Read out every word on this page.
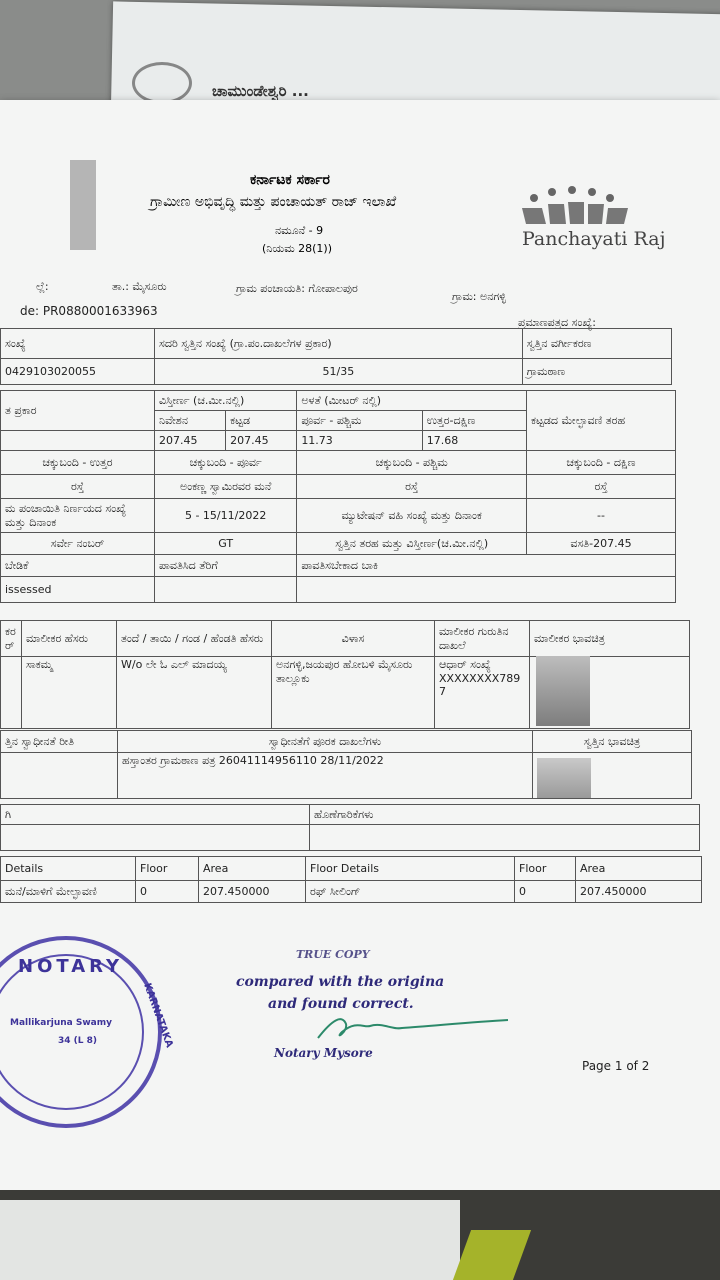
ಚಾಮುಂಡೇಶ್ವರಿ ...
ಕರ್ನಾಟಕ ಸರ್ಕಾರ
ಗ್ರಾಮೀಣ ಅಭಿವೃದ್ಧಿ ಮತ್ತು ಪಂಚಾಯತ್ ರಾಜ್ ಇಲಾಖೆ
ನಮೂನೆ - 9
(ನಿಯಮ 28(1))	Panchayati Raj
ಲ್ಲೆ:	ತಾ.: ಮೈಸೂರು	ಗ್ರಾಮ ಪಂಚಾಯತಿ: ಗೋಪಾಲಪುರ
ಗ್ರಾಮ: ಅನಗಳ್ಳಿ
de: PR0880001633963
ಪ್ರಮಾಣಪತ್ರದ ಸಂಖ್ಯೆ:
ಸಂಖ್ಯೆ	ಸದರಿ ಸ್ವತ್ತಿನ ಸಂಖ್ಯೆ (ಗ್ರಾ.ಪಂ.ದಾಖಲೆಗಳ ಪ್ರಕಾರ)	ಸ್ವತ್ತಿನ ವರ್ಗೀಕರಣ
0429103020055	51/35	ಗ್ರಾಮಠಾಣ
ತ ಪ್ರಕಾರ	ವಿಸ್ತೀರ್ಣ (ಚ.ಮೀ.ನಲ್ಲಿ)		ಅಳತೆ (ಮೀಟರ್ ನಲ್ಲಿ)		ಕಟ್ಟಡದ ಮೇಲ್ಛಾವಣಿ ತರಹ
	ನಿವೇಶನ	ಕಟ್ಟಡ	ಪೂರ್ವ - ಪಶ್ಚಿಮ	ಉತ್ತರ-ದಕ್ಷಿಣ	
	207.45	207.45	11.73	17.68	
ಚಕ್ಕುಬಂದಿ - ಉತ್ತರ	ಚಕ್ಕುಬಂದಿ - ಪೂರ್ವ		ಚಕ್ಕುಬಂದಿ - ಪಶ್ಚಿಮ		ಚಕ್ಕುಬಂದಿ - ದಕ್ಷಿಣ
ರಸ್ತೆ	ಅಂಕಣ್ಣ ಸ್ವಾಮಿರವರ ಮನೆ		ರಸ್ತೆ		ರಸ್ತೆ
ಮ ಪಂಚಾಯಿತಿ ನಿರ್ಣಯದ ಸಂಖ್ಯೆ ಮತ್ತು ದಿನಾಂಕ	5 - 15/11/2022		ಮ್ಯುಟೇಷನ್ ವಹಿ ಸಂಖ್ಯೆ ಮತ್ತು ದಿನಾಂಕ		--
ಸರ್ವೇ ನಂಬರ್	GT		ಸ್ವತ್ತಿನ ತರಹ ಮತ್ತು ವಿಸ್ತೀರ್ಣ(ಚ.ಮೀ.ನಲ್ಲಿ)		ವಸತಿ-207.45
ಬೇಡಿಕೆ	ಪಾವತಿಸಿದ ತೆರಿಗೆ		ಪಾವತಿಸಬೇಕಾದ ಬಾಕಿ		
issessed					
ಕರ ರ್	ಮಾಲೀಕರ ಹೆಸರು	ತಂದೆ / ತಾಯಿ / ಗಂಡ / ಹೆಂಡತಿ ಹೆಸರು	ವಿಳಾಸ	ಮಾಲೀಕರ ಗುರುತಿನ ದಾಖಲೆ	ಮಾಲೀಕರ ಭಾವಚಿತ್ರ
	ಸಾಕಮ್ಮ	W/o ಲೇ ಓ ಎಲ್ ಮಾದಯ್ಯ	ಅನಗಳ್ಳಿ,ಜಯಪುರ ಹೋಬಳಿ ಮೈಸೂರು ತಾಲ್ಲೂಕು	ಆಧಾರ್ ಸಂಖ್ಯೆ XXXXXXXX789 7	
ತ್ತಿನ ಸ್ವಾಧೀನತೆ ರೀತಿ	ಸ್ವಾಧೀನತೆಗೆ ಪೂರಕ ದಾಖಲೆಗಳು	ಸ್ವತ್ತಿನ ಭಾವಚಿತ್ರ
	ಹಸ್ತಾಂತರ ಗ್ರಾಮಠಾಣ ಪತ್ರ 26041114956110 28/11/2022	
ಗಿ	ಹೊಣೆಗಾರಿಕೆಗಳು

Details	Floor	Area	Floor Details	Floor	Area
ಮನೆ/ಮಾಳಿಗೆ ಮೇಲ್ಛಾವಣಿ	0	207.450000	ರಫ್ ಸೀಲಿಂಗ್	0	207.450000
NOTARY
Mallikarjuna Swamy
34 (L 8)	KARNATAKA
TRUE COPY
compared with the origina
and found correct.
Notary Mysore
Page 1 of 2
